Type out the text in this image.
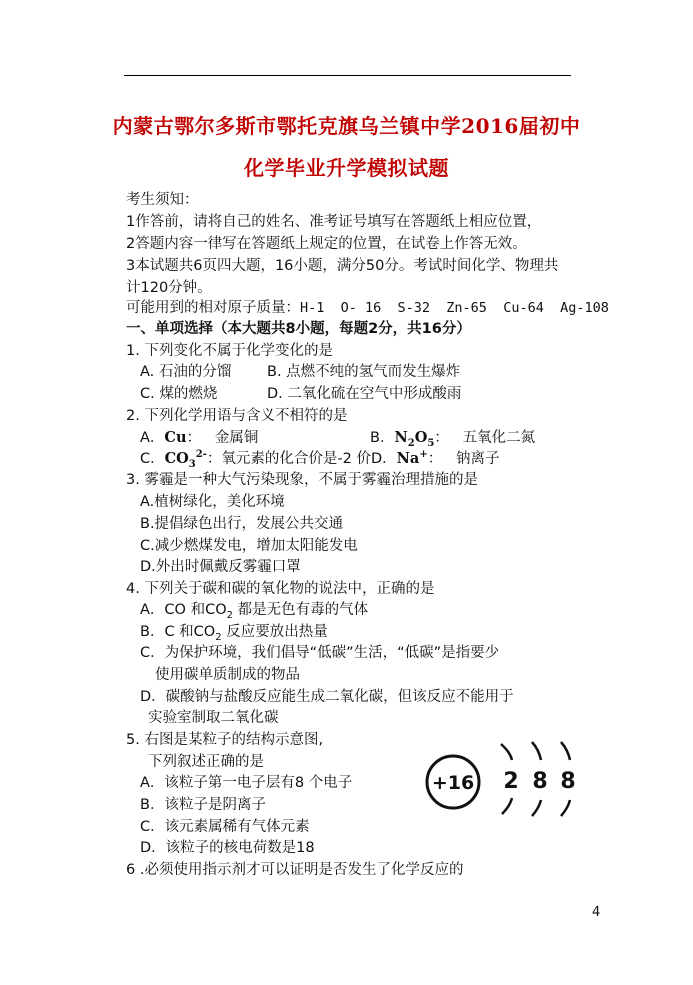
内蒙古鄂尔多斯市鄂托克旗乌兰镇中学2016届初中
化学毕业升学模拟试题
考生须知：
1作答前，请将自己的姓名、准考证号填写在答题纸上相应位置，
2答题内容一律写在答题纸上规定的位置，在试卷上作答无效。
3本试题共6页四大题，16小题，满分50分。考试时间化学、物理共
计120分钟。
可能用到的相对原子质量：H-1  O- 16  S-32  Zn-65  Cu-64  Ag-108
一、单项选择（本大题共8小题，每题2分，共16分）
1. 下列变化不属于化学变化的是
A. 石油的分馏 B. 点燃不纯的氢气而发生爆炸
C. 煤的燃烧	D. 二氧化硫在空气中形成酸雨
2. 下列化学用语与含义不相符的是
A．Cu：   金属铜	B．$N_2O_5$：   五氧化二氮
C．$CO_3^{2-}$：氧元素的化合价是-2 价 D．Na+：   钠离子
3. 雾霾是一种大气污染现象，不属于雾霾治理措施的是
A.植树绿化，美化环境
B.提倡绿色出行，发展公共交通
C.减少燃煤发电，增加太阳能发电
D.外出时佩戴反雾霾口罩
4. 下列关于碳和碳的氧化物的说法中，正确的是
A．CO 和$CO_2$ 都是无色有毒的气体
B．C 和$CO_2$ 反应要放出热量
C．为保护环境，我们倡导“低碳”生活，“低碳”是指要少
使用碳单质制成的物品
D．碳酸钠与盐酸反应能生成二氧化碳，但该反应不能用于
实验室制取二氧化碳
5. 右图是某粒子的结构示意图,
下列叙述正确的是
A．该粒子第一电子层有8 个电子
B．该粒子是阴离子
C．该元素属稀有气体元素
D．该粒子的核电荷数是18
+16 2 8 8
6 .必须使用指示剂才可以证明是否发生了化学反应的
4
